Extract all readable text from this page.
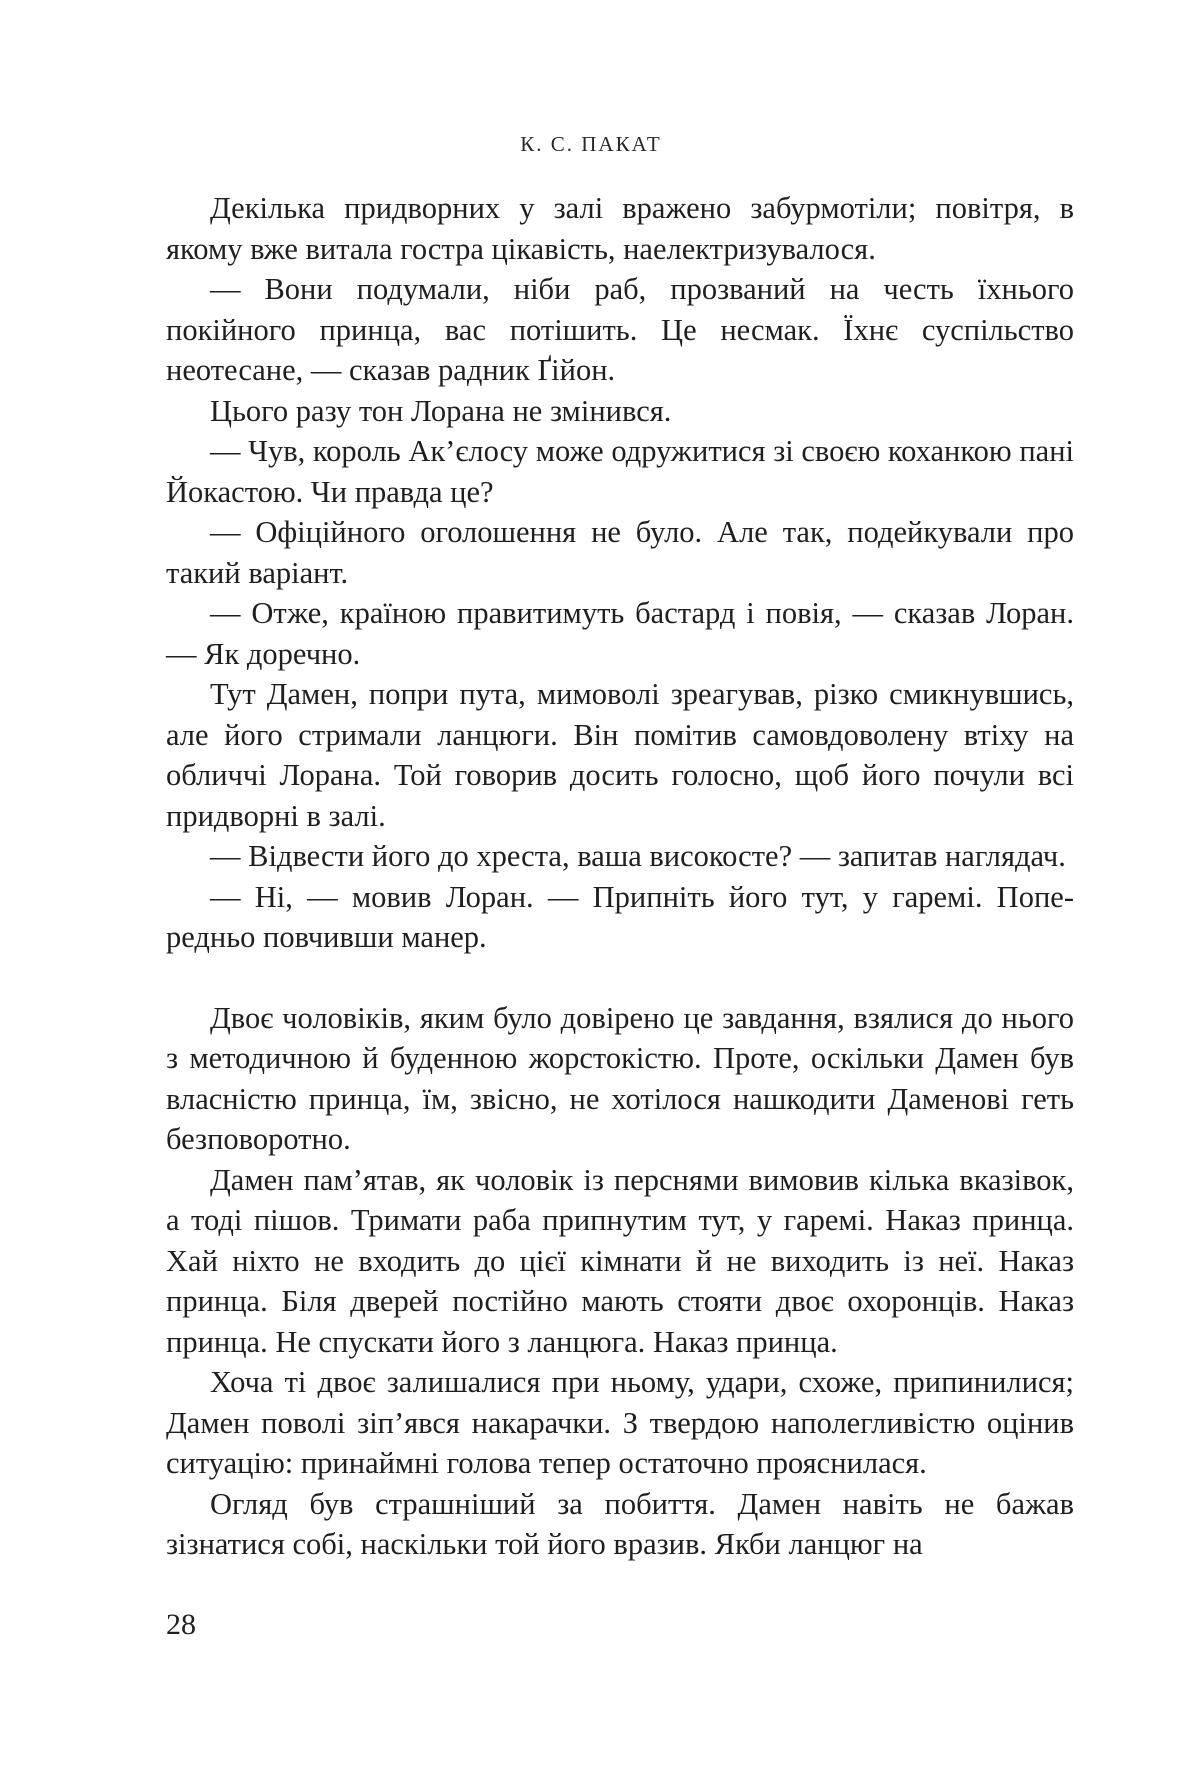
К. С. ПАКАТ

Декілька придворних у залі вражено забурмотіли; повітря, в якому вже витала гостра цікавість, наелектризувалося.

— Вони подумали, ніби раб, прозваний на честь їхнього покійного принца, вас потішить. Це несмак. Їхнє суспільство неотесане, — сказав радник Ґійон.

Цього разу тон Лорана не змінився.

— Чув, король Ак’єлосу може одружитися зі своєю коханкою пані Йокастою. Чи правда це?

— Офіційного оголошення не було. Але так, подейкували про такий варіант.

— Отже, країною правитимуть бастард і повія, — сказав Лоран. — Як доречно.

Тут Дамен, попри пута, мимоволі зреагував, різко смикнувшись, але його стримали ланцюги. Він помітив самовдоволену втіху на обличчі Лорана. Той говорив досить голосно, щоб його почули всі придворні в залі.

— Відвести його до хреста, ваша високосте? — запитав наглядач.

— Ні, — мовив Лоран. — Припніть його тут, у гаремі. Попередньо повчивши манер.

Двоє чоловіків, яким було довірено це завдання, взялися до нього з методичною й буденною жорстокістю. Проте, оскільки Дамен був власністю принца, їм, звісно, не хотілося нашкодити Даменові геть безповоротно.

Дамен пам’ятав, як чоловік із перснями вимовив кілька вказівок, а тоді пішов. Тримати раба припнутим тут, у гаремі. Наказ принца. Хай ніхто не входить до цієї кімнати й не виходить із неї. Наказ принца. Біля дверей постійно мають стояти двоє охоронців. Наказ принца. Не спускати його з ланцюга. Наказ принца.

Хоча ті двоє залишалися при ньому, удари, схоже, припинилися; Дамен поволі зіп’явся накарачки. З твердою наполегливістю оцінив ситуацію: принаймні голова тепер остаточно прояснилася.

Огляд був страшніший за побиття. Дамен навіть не бажав зізнатися собі, наскільки той його вразив. Якби ланцюг на

28
